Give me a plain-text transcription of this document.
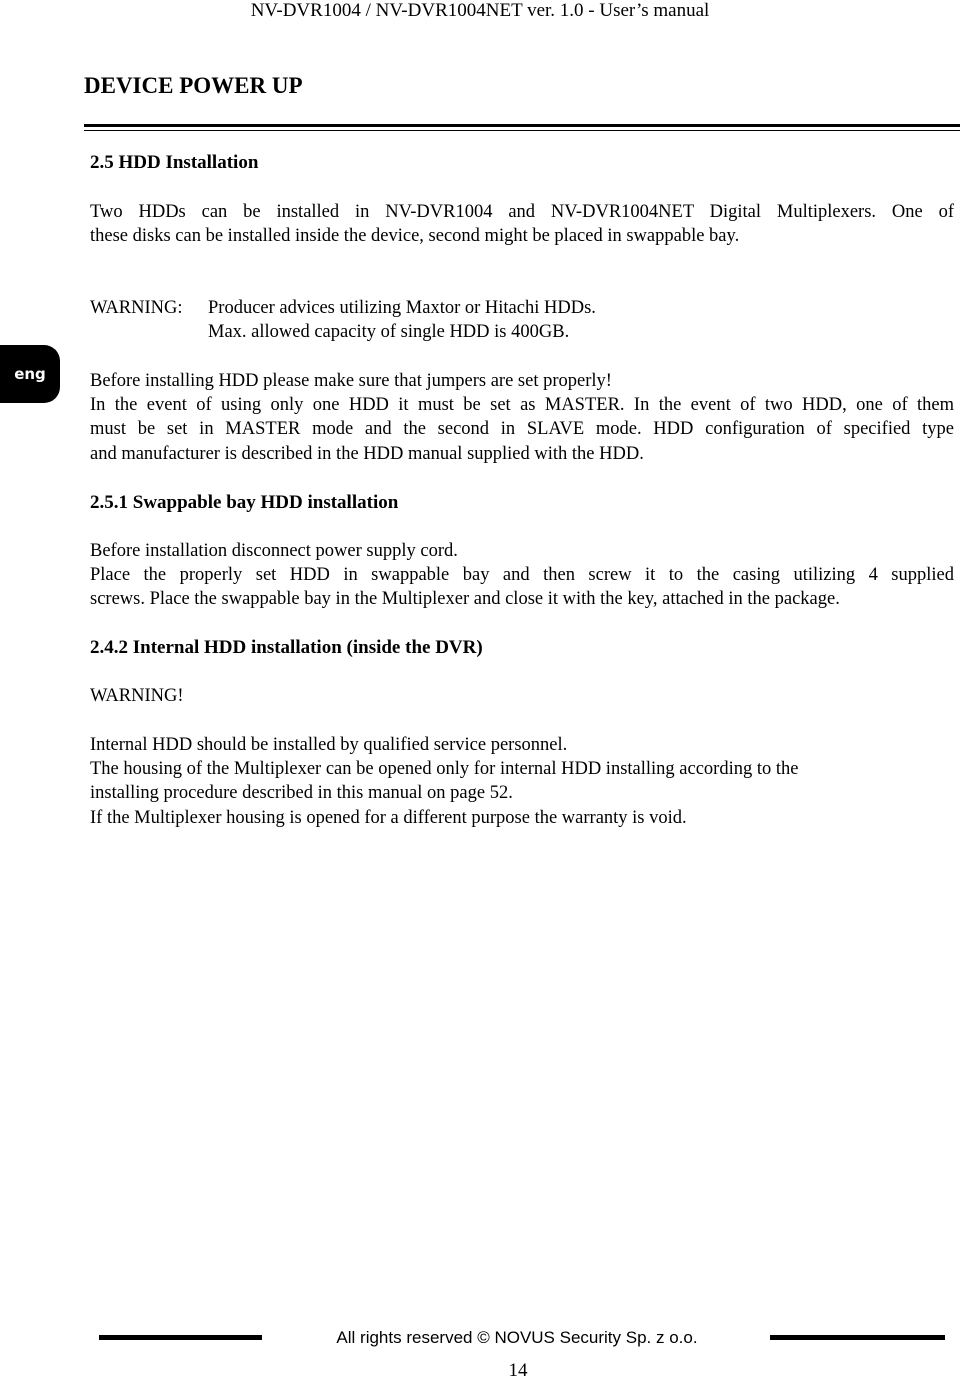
NV-DVR1004 / NV-DVR1004NET ver. 1.0 - User’s manual
DEVICE POWER UP
eng
2.5 HDD Installation
Two HDDs can be installed in NV-DVR1004 and NV-DVR1004NET Digital Multiplexers. One of
these disks can be installed inside the device, second might be placed in swappable bay.
WARNING: Producer advices utilizing Maxtor or Hitachi HDDs.
Max. allowed capacity of single HDD is 400GB.
Before installing HDD please make sure that jumpers are set properly!
In the event of using only one HDD it must be set as MASTER. In the event of two HDD, one of them
must be set in MASTER mode and the second in SLAVE mode. HDD configuration of specified type
and manufacturer is described in the HDD manual supplied with the HDD.
2.5.1 Swappable bay HDD installation
Before installation disconnect power supply cord.
Place the properly set HDD in swappable bay and then screw it to the casing utilizing 4 supplied
screws. Place the swappable bay in the Multiplexer and close it with the key, attached in the package.
2.4.2 Internal HDD installation (inside the DVR)
WARNING!
Internal HDD should be installed by qualified service personnel.
The housing of the Multiplexer can be opened only for internal HDD installing according to the
installing procedure described in this manual on page 52.
If the Multiplexer housing is opened for a different purpose the warranty is void.
All rights reserved © NOVUS Security Sp. z o.o.
14
